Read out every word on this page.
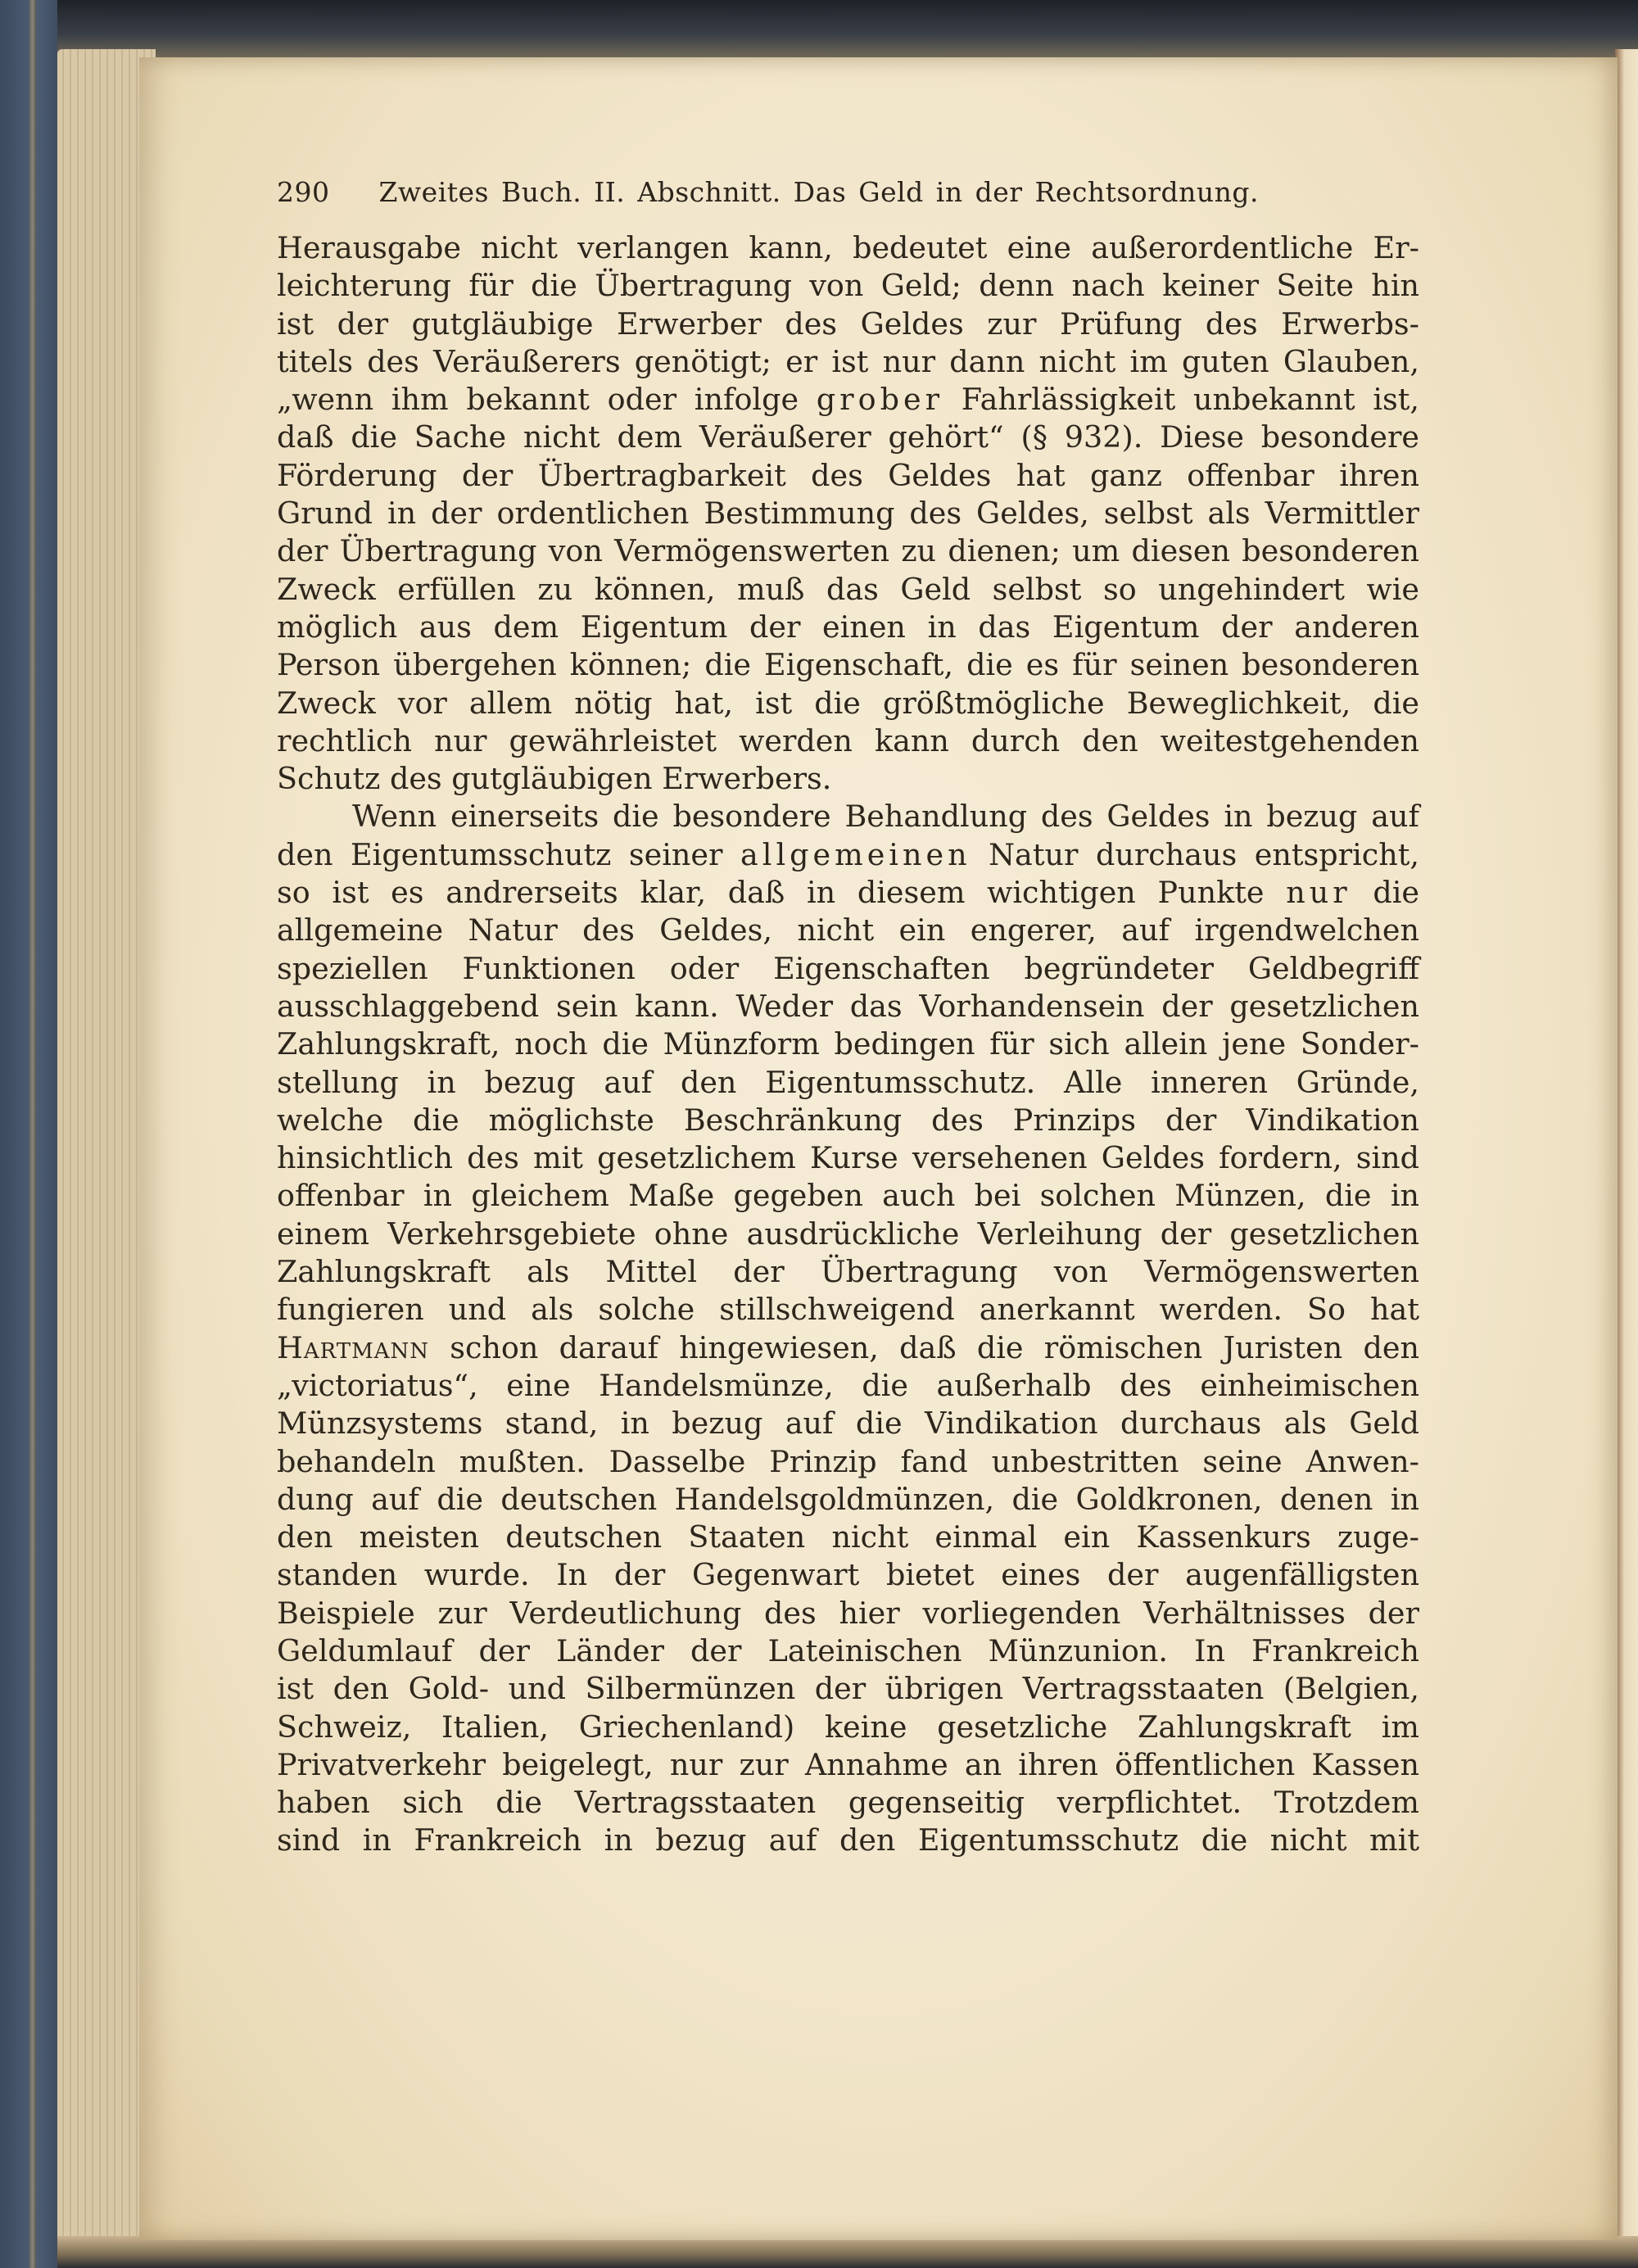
290 Zweites Buch. II. Abschnitt. Das Geld in der Rechtsordnung.
Herausgabe nicht verlangen kann, bedeutet eine außerordentliche Er-
leichterung für die Übertragung von Geld; denn nach keiner Seite hin
ist der gutgläubige Erwerber des Geldes zur Prüfung des Erwerbs-
titels des Veräußerers genötigt; er ist nur dann nicht im guten Glauben,
„wenn ihm bekannt oder infolge grober Fahrlässigkeit unbekannt ist,
daß die Sache nicht dem Veräußerer gehört“ (§ 932). Diese besondere
Förderung der Übertragbarkeit des Geldes hat ganz offenbar ihren
Grund in der ordentlichen Bestimmung des Geldes, selbst als Vermittler
der Übertragung von Vermögenswerten zu dienen; um diesen besonderen
Zweck erfüllen zu können, muß das Geld selbst so ungehindert wie
möglich aus dem Eigentum der einen in das Eigentum der anderen
Person übergehen können; die Eigenschaft, die es für seinen besonderen
Zweck vor allem nötig hat, ist die größtmögliche Beweglichkeit, die
rechtlich nur gewährleistet werden kann durch den weitestgehenden
Schutz des gutgläubigen Erwerbers.
Wenn einerseits die besondere Behandlung des Geldes in bezug auf
den Eigentumsschutz seiner allgemeinen Natur durchaus entspricht,
so ist es andrerseits klar, daß in diesem wichtigen Punkte nur die
allgemeine Natur des Geldes, nicht ein engerer, auf irgendwelchen
speziellen Funktionen oder Eigenschaften begründeter Geldbegriff
ausschlaggebend sein kann. Weder das Vorhandensein der gesetzlichen
Zahlungskraft, noch die Münzform bedingen für sich allein jene Sonder-
stellung in bezug auf den Eigentumsschutz. Alle inneren Gründe,
welche die möglichste Beschränkung des Prinzips der Vindikation
hinsichtlich des mit gesetzlichem Kurse versehenen Geldes fordern, sind
offenbar in gleichem Maße gegeben auch bei solchen Münzen, die in
einem Verkehrsgebiete ohne ausdrückliche Verleihung der gesetzlichen
Zahlungskraft als Mittel der Übertragung von Vermögenswerten
fungieren und als solche stillschweigend anerkannt werden. So hat
Hartmann schon darauf hingewiesen, daß die römischen Juristen den
„victoriatus“, eine Handelsmünze, die außerhalb des einheimischen
Münzsystems stand, in bezug auf die Vindikation durchaus als Geld
behandeln mußten. Dasselbe Prinzip fand unbestritten seine Anwen-
dung auf die deutschen Handelsgoldmünzen, die Goldkronen, denen in
den meisten deutschen Staaten nicht einmal ein Kassenkurs zuge-
standen wurde. In der Gegenwart bietet eines der augenfälligsten
Beispiele zur Verdeutlichung des hier vorliegenden Verhältnisses der
Geldumlauf der Länder der Lateinischen Münzunion. In Frankreich
ist den Gold- und Silbermünzen der übrigen Vertragsstaaten (Belgien,
Schweiz, Italien, Griechenland) keine gesetzliche Zahlungskraft im
Privatverkehr beigelegt, nur zur Annahme an ihren öffentlichen Kassen
haben sich die Vertragsstaaten gegenseitig verpflichtet. Trotzdem
sind in Frankreich in bezug auf den Eigentumsschutz die nicht mit
